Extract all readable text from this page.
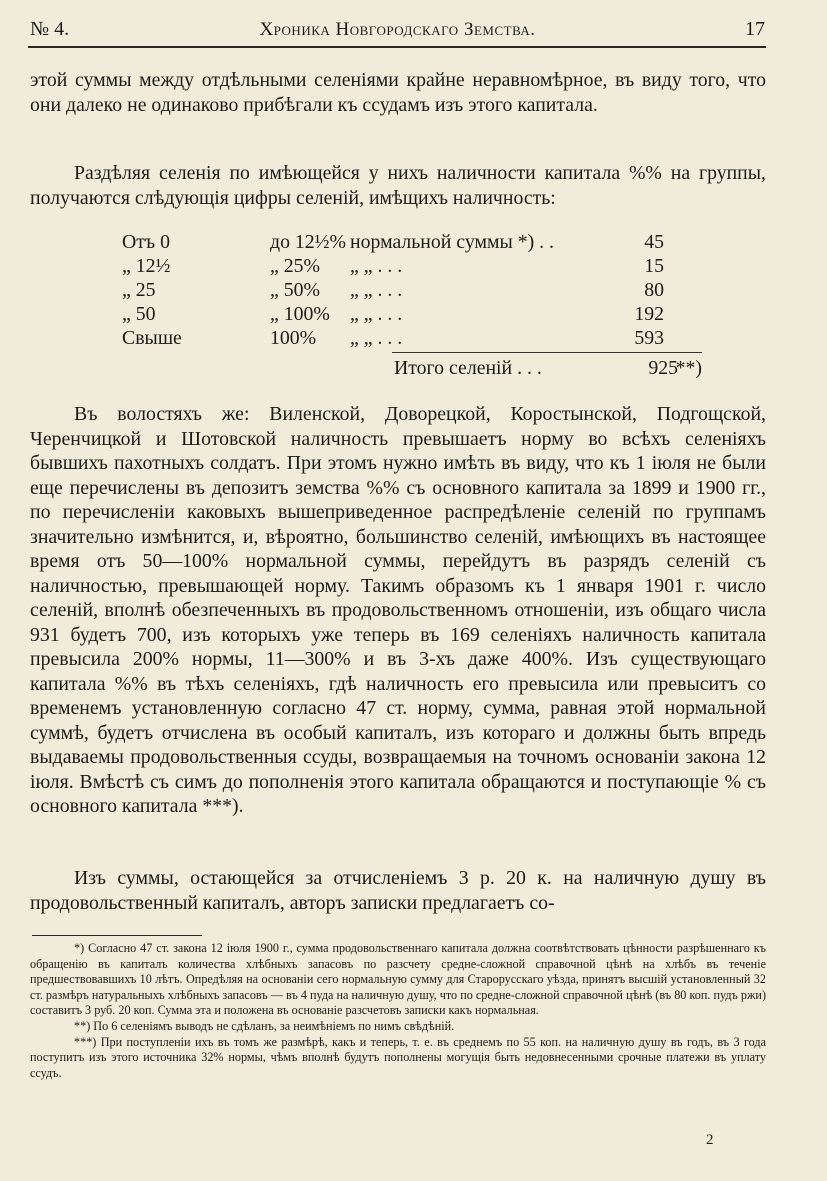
№ 4.	Хроника Новгородскаго Земства.	17
этой суммы между отдѣльными селеніями крайне неравномѣрное, въ виду того, что они далеко не одинаково прибѣгали къ ссудамъ изъ этого капитала.
Раздѣляя селенія по имѣющейся у нихъ наличности капитала %% на группы, получаются слѣдующія цифры селеній, имѣщихъ наличность:
Отъ 0	до 12½% нормальной суммы *) . .	45
„ 12½	„ 25%	„ „ . . .	15
„ 25	„ 50%	„ „ . . .	80
„ 50	„ 100%	„ „ . . .	192
Свыше	100%	„ „ . . .	593
Итого селеній . . .	925
**)
Въ волостяхъ же: Виленской, Доворецкой, Коростынской, Подгощской, Черенчицкой и Шотовской наличность превышаетъ норму во всѣхъ селеніяхъ бывшихъ пахотныхъ солдатъ. При этомъ нужно имѣть въ виду, что къ 1 іюля не были еще перечислены въ депозитъ земства %% съ основного капитала за 1899 и 1900 гг., по перечисленіи каковыхъ вышеприведенное распредѣленіе селеній по группамъ значительно измѣнится, и, вѣроятно, большинство селеній, имѣющихъ въ настоящее время отъ 50—100% нормальной суммы, перейдутъ въ разрядъ селеній съ наличностью, превышающей норму. Такимъ образомъ къ 1 января 1901 г. число селеній, вполнѣ обезпеченныхъ въ продовольственномъ отношеніи, изъ общаго числа 931 будетъ 700, изъ которыхъ уже теперь въ 169 селеніяхъ наличность капитала превысила 200% нормы, 11—300% и въ 3-хъ даже 400%. Изъ существующаго капитала %% въ тѣхъ селеніяхъ, гдѣ наличность его превысила или превыситъ со временемъ установленную согласно 47 ст. норму, сумма, равная этой нормальной суммѣ, будетъ отчислена въ особый капиталъ, изъ котораго и должны быть впредь выдаваемы продовольственныя ссуды, возвращаемыя на точномъ основаніи закона 12 іюля. Вмѣстѣ съ симъ до пополненія этого капитала обращаются и поступающіе % съ основного капитала ***).
Изъ суммы, остающейся за отчисленіемъ 3 р. 20 к. на наличную душу въ продовольственный капиталъ, авторъ записки предлагаетъ со-

*) Согласно 47 ст. закона 12 іюля 1900 г., сумма продовольственнаго капитала должна соотвѣтствовать цѣнности разрѣшеннаго къ обращенію въ капиталъ количества хлѣбныхъ запасовъ по разсчету средне-сложной справочной цѣнѣ на хлѣбъ въ теченіе предшествовавшихъ 10 лѣтъ. Опредѣляя на основаніи сего нормальную сумму для Старорусскаго уѣзда, принятъ высшій установленный 32 ст. размѣръ натуральныхъ хлѣбныхъ запасовъ — въ 4 пуда на наличную душу, что по средне-сложной справочной цѣнѣ (въ 80 коп. пудъ ржи) составитъ 3 руб. 20 коп. Сумма эта и положена въ основаніе разсчетовъ записки какъ нормальная.

**) По 6 селеніямъ выводъ не сдѣланъ, за неимѣніемъ по нимъ свѣдѣній.

***) При поступленіи ихъ въ томъ же размѣрѣ, какъ и теперь, т. е. въ среднемъ по 55 коп. на наличную душу въ годъ, въ 3 года поступитъ изъ этого источника 32% нормы, чѣмъ вполнѣ будутъ пополнены могущія быть недовнесенными срочные платежи въ уплату ссудъ.

2
